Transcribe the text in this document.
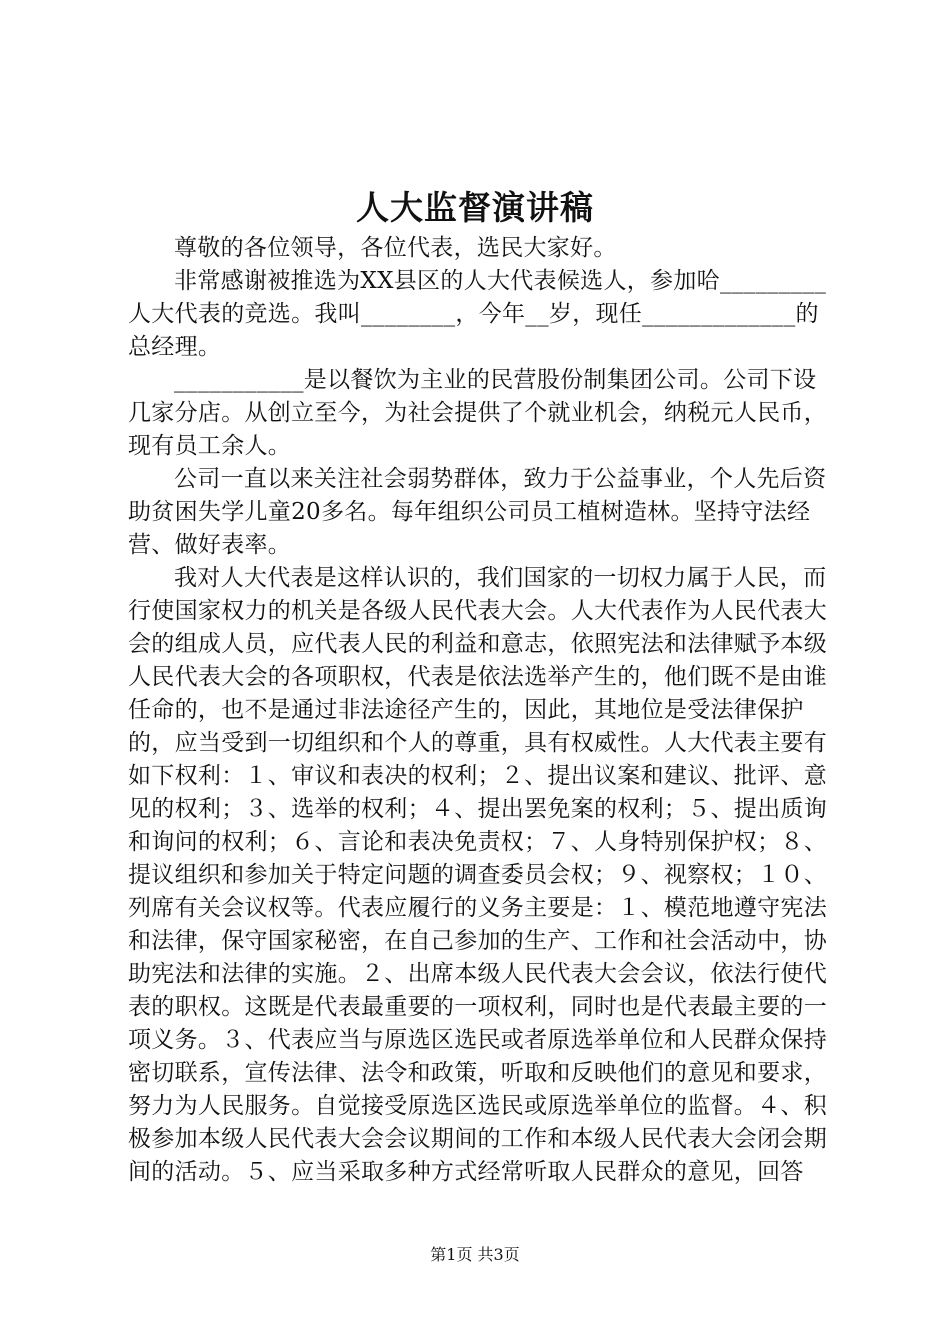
人大监督演讲稿

尊敬的各位领导，各位代表，选民大家好。

非常感谢被推选为XX县区的人大代表候选人，参加哈_________人大代表的竞选。我叫________，今年__岁，现任_____________的总经理。

___________是以餐饮为主业的民营股份制集团公司。公司下设几家分店。从创立至今，为社会提供了个就业机会，纳税元人民币，现有员工余人。

公司一直以来关注社会弱势群体，致力于公益事业，个人先后资助贫困失学儿童20多名。每年组织公司员工植树造林。坚持守法经营、做好表率。

我对人大代表是这样认识的，我们国家的一切权力属于人民，而行使国家权力的机关是各级人民代表大会。人大代表作为人民代表大会的组成人员，应代表人民的利益和意志，依照宪法和法律赋予本级人民代表大会的各项职权，代表是依法选举产生的，他们既不是由谁任命的，也不是通过非法途径产生的，因此，其地位是受法律保护的，应当受到一切组织和个人的尊重，具有权威性。人大代表主要有如下权利：１、审议和表决的权利；２、提出议案和建议、批评、意见的权利；３、选举的权利；４、提出罢免案的权利；５、提出质询和询问的权利；６、言论和表决免责权；７、人身特别保护权；８、提议组织和参加关于特定问题的调查委员会权；９、视察权；１０、列席有关会议权等。代表应履行的义务主要是：１、模范地遵守宪法和法律，保守国家秘密，在自己参加的生产、工作和社会活动中，协助宪法和法律的实施。２、出席本级人民代表大会会议，依法行使代表的职权。这既是代表最重要的一项权利，同时也是代表最主要的一项义务。３、代表应当与原选区选民或者原选举单位和人民群众保持密切联系，宣传法律、法令和政策，听取和反映他们的意见和要求，努力为人民服务。自觉接受原选区选民或原选举单位的监督。４、积极参加本级人民代表大会会议期间的工作和本级人民代表大会闭会期间的活动。５、应当采取多种方式经常听取人民群众的意见，回答

第1页 共3页
